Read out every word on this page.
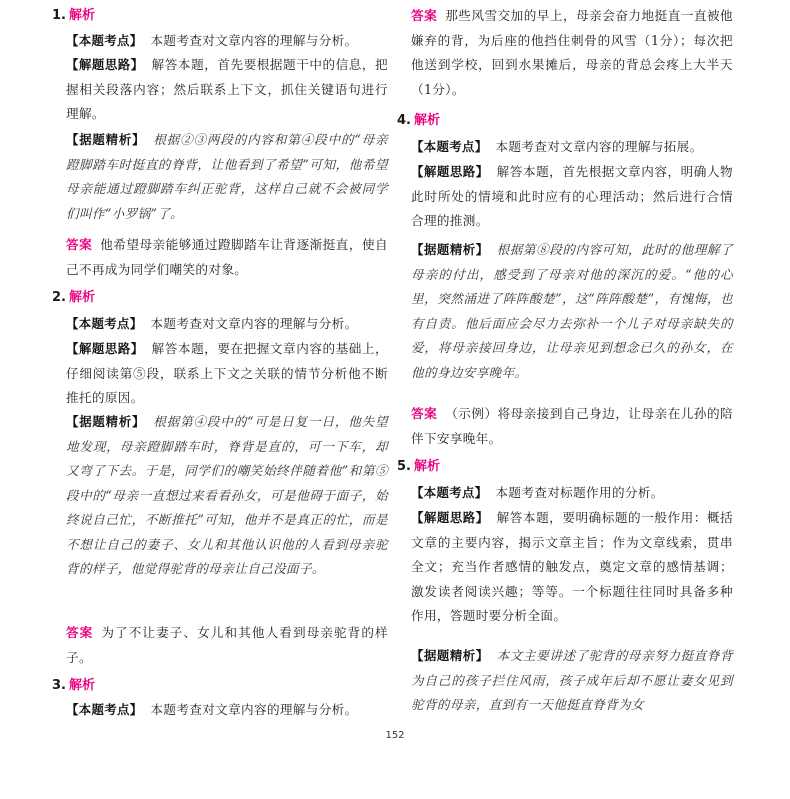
1. 解析
【本题考点】 本题考查对文章内容的理解与分析。
【解题思路】 解答本题，首先要根据题干中的信息，把握相关段落内容；然后联系上下文，抓住关键语句进行理解。
【据题精析】 根据②③两段的内容和第④段中的“母亲蹬脚踏车时挺直的脊背，让他看到了希望”可知，他希望母亲能通过蹬脚踏车纠正驼背，这样自己就不会被同学们叫作“小罗锅”了。
答案 他希望母亲能够通过蹬脚踏车让背逐渐挺直，使自己不再成为同学们嘲笑的对象。
2. 解析
【本题考点】 本题考查对文章内容的理解与分析。
【解题思路】 解答本题，要在把握文章内容的基础上，仔细阅读第⑤段，联系上下文之关联的情节分析他不断推托的原因。
【据题精析】 根据第④段中的“可是日复一日，他失望地发现，母亲蹬脚踏车时，脊背是直的，可一下车，却又弯了下去。于是，同学们的嘲笑始终伴随着他”和第⑤段中的“母亲一直想过来看看孙女，可是他碍于面子，始终说自己忙，不断推托”可知，他并不是真正的忙，而是不想让自己的妻子、女儿和其他认识他的人看到母亲驼背的样子，他觉得驼背的母亲让自己没面子。
答案 为了不让妻子、女儿和其他人看到母亲驼背的样子。
3. 解析
【本题考点】 本题考查对文章内容的理解与分析。
答案 那些风雪交加的早上，母亲会奋力地挺直一直被他嫌弃的背，为后座的他挡住刺骨的风雪（1分）；每次把他送到学校，回到水果摊后，母亲的背总会疼上大半天（1分）。
4. 解析
【本题考点】 本题考查对文章内容的理解与拓展。
【解题思路】 解答本题，首先根据文章内容，明确人物此时所处的情境和此时应有的心理活动；然后进行合情合理的推测。
【据题精析】 根据第⑧段的内容可知，此时的他理解了母亲的付出，感受到了母亲对他的深沉的爱。“他的心里，突然涌进了阵阵酸楚”，这“阵阵酸楚”，有愧悔，也有自责。他后面应会尽力去弥补一个儿子对母亲缺失的爱，将母亲接回身边，让母亲见到想念已久的孙女，在他的身边安享晚年。
答案 （示例）将母亲接到自己身边，让母亲在儿孙的陪伴下安享晚年。
5. 解析
【本题考点】 本题考查对标题作用的分析。
【解题思路】 解答本题，要明确标题的一般作用：概括文章的主要内容，揭示文章主旨；作为文章线索，贯串全文；充当作者感情的触发点，奠定文章的感情基调；激发读者阅读兴趣；等等。一个标题往往同时具备多种作用，答题时要分析全面。
【据题精析】 本文主要讲述了驼背的母亲努力挺直脊背为自己的孩子拦住风雨，孩子成年后却不愿让妻女见到驼背的母亲，直到有一天他挺直脊背为女
152
